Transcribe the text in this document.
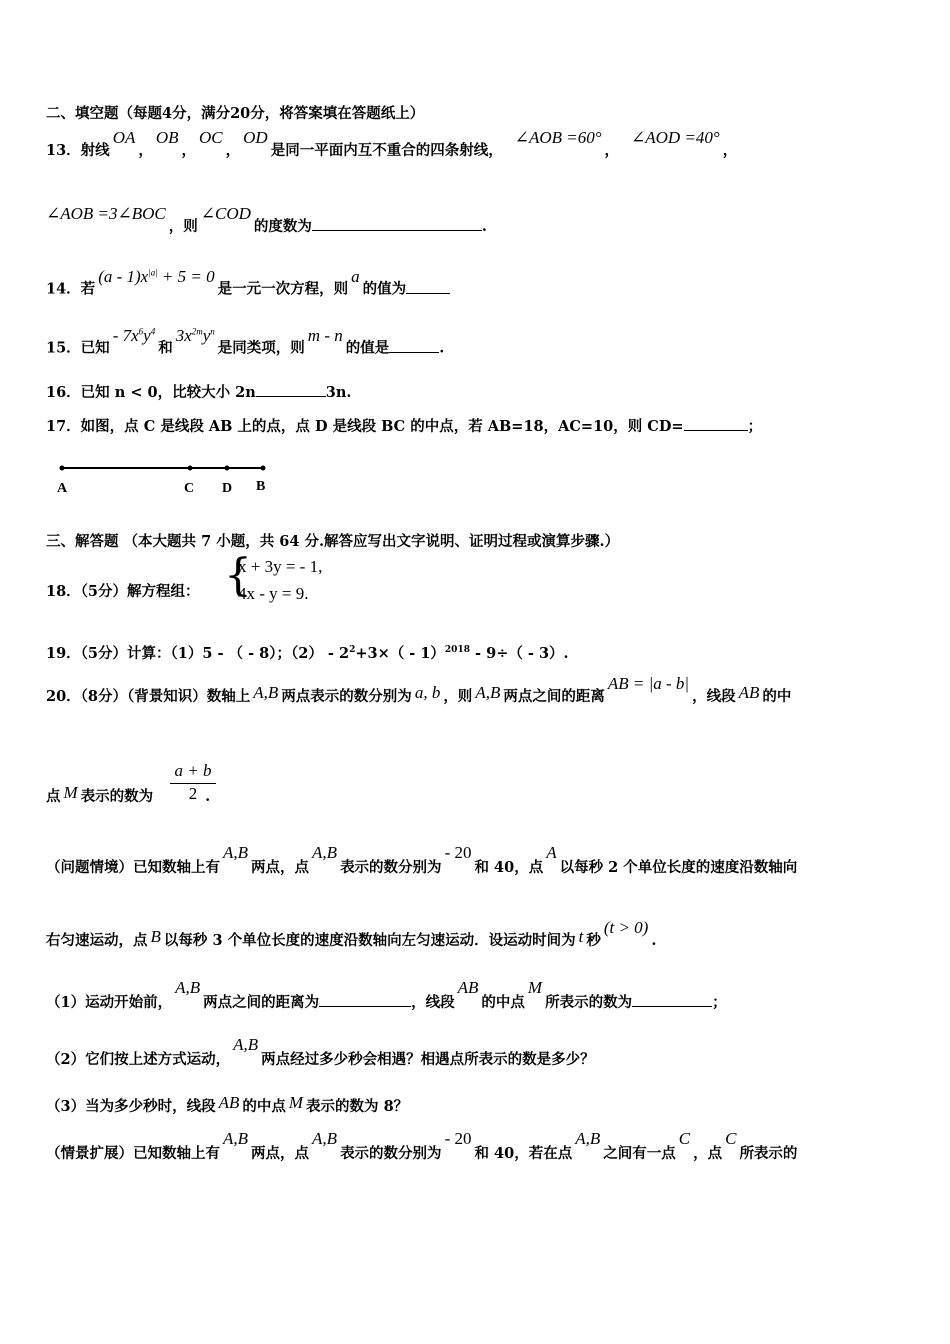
二、填空题（每题4分，满分20分，将答案填在答题纸上）
13．射线OA，OB，OC，OD是同一平面内互不重合的四条射线，∠AOB =60°，∠AOD =40°，
∠AOB =3∠BOC，则∠COD的度数为	.
14．若$(a - 1)x^{|a|} + 5 = 0$是一元一次方程，则a的值为
15．已知- $7x^6y^4$和$3x^{2m}y^n$是同类项，则m - n的值是	.
16．已知 n < 0，比较大小 2n	3n.
17．如图，点 C 是线段 AB 上的点，点 D 是线段 BC 的中点，若 AB=18，AC=10，则 CD=	；
A	C D B
三、解答题 （本大题共 7 小题，共 64 分.解答应写出文字说明、证明过程或演算步骤.）
18．（5分）解方程组： {
x + 3y = - 1,
4x - y = 9.
19．（5分）计算：（1）5 - （ - 8）；$(2) - 2^2+3\times( - 1)^{2018} - 9\div( - 3)$.
20．（8分）（背景知识）数轴上 A,B 两点表示的数分别为 a, b ，则 A,B 两点之间的距离AB = |a - b|，线段 AB 的中
点 M 表示的数为	.
$\frac{a + b}{2}$
（问题情境）已知数轴上有A,B两点，点A,B表示的数分别为- 20和 40，点A以每秒 2 个单位长度的速度沿数轴向
右匀速运动，点 B 以每秒 3 个单位长度的速度沿数轴向左匀速运动．设运动时间为 t 秒(t > 0).
（1）运动开始前，A,B两点之间的距离为	，线段AB的中点M所表示的数为	；
（2）它们按上述方式运动，A,B两点经过多少秒会相遇？相遇点所表示的数是多少？
（3）当为多少秒时，线段 AB 的中点 M 表示的数为 8？
（情景扩展）已知数轴上有A,B两点，点A,B表示的数分别为- 20和 40，若在点A,B之间有一点C，点C所表示的
